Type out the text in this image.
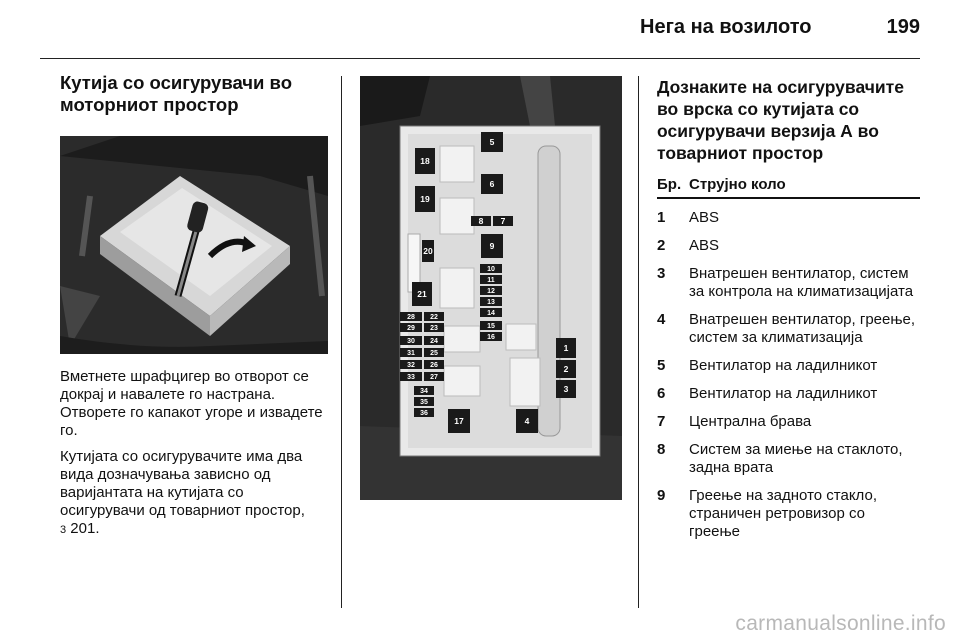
Нега на возилото	199
Кутија со осигурувачи во моторниот простор

Вметнете шрафцигер во отворот се докрај и навалете го настрана. Отворете го капакот угоре и извадете го.

Кутијата со осигурувачите има два вида дозначувања зависно од варијантата на кутијата со осигурувачи од товарниот простор,
3 201.

5
6
8 7
9
18
19
20
21
10
11
12
13
14
15
16
28
29
30
31
32
33
22
23
24
25
26
27
34
35
36
1
2
3
17	4
Дознаките на осигурувачите во врска со кутијата со осигурувачи верзија А во товарниот простор
Бр. Струјно коло
1	ABS
2	ABS
3	Внатрешен вентилатор, систем за контрола на климатизацијата
4	Внатрешен вентилатор, греење, систем за климатизација
5	Вентилатор на ладилникот
6	Вентилатор на ладилникот
7	Централна брава
8	Систем за миење на стаклото, задна врата
9	Греење на задното стакло, страничен ретровизор со греење
carmanualsonline.info
